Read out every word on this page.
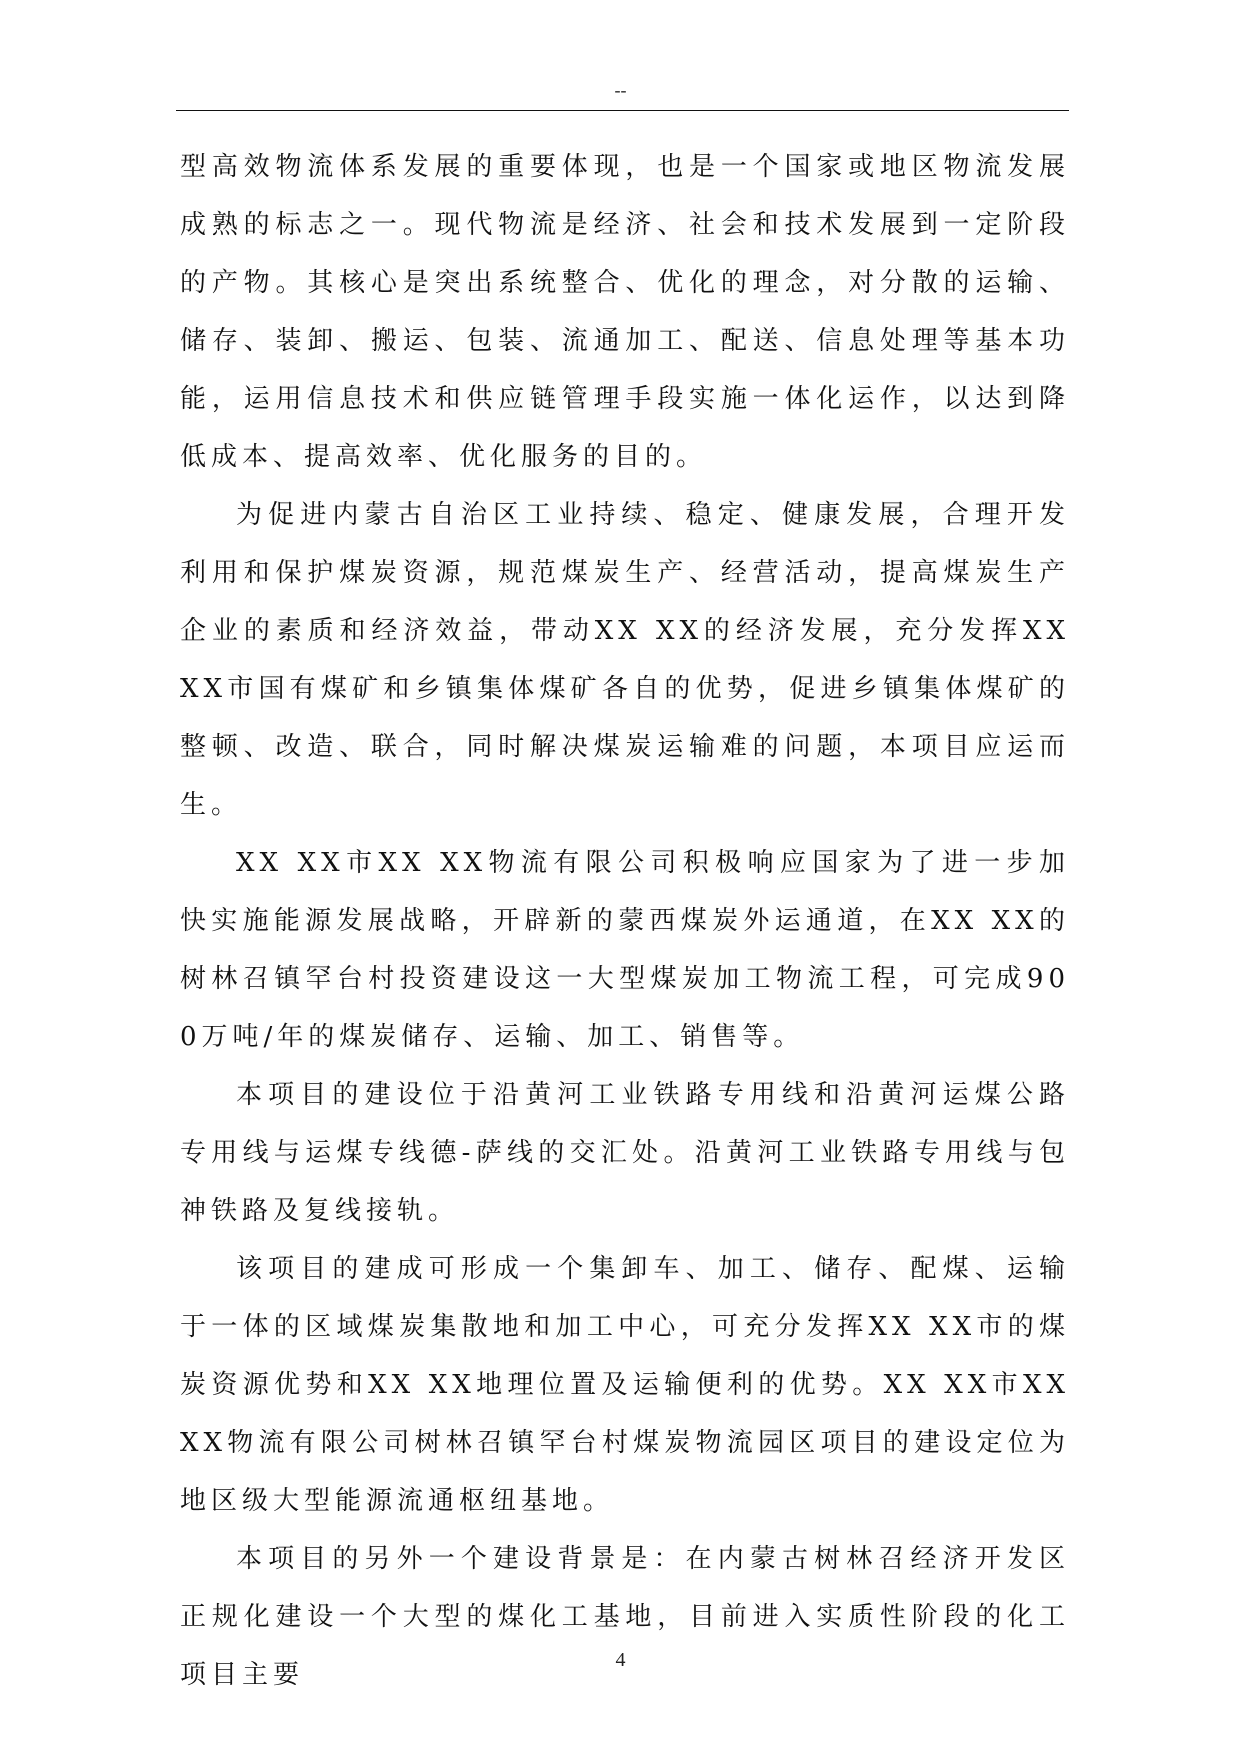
--

型高效物流体系发展的重要体现，也是一个国家或地区物流发展成熟的标志之一。现代物流是经济、社会和技术发展到一定阶段的产物。其核心是突出系统整合、优化的理念，对分散的运输、储存、装卸、搬运、包装、流通加工、配送、信息处理等基本功能，运用信息技术和供应链管理手段实施一体化运作，以达到降低成本、提高效率、优化服务的目的。

为促进内蒙古自治区工业持续、稳定、健康发展，合理开发利用和保护煤炭资源，规范煤炭生产、经营活动，提高煤炭生产企业的素质和经济效益，带动XX XX的经济发展，充分发挥XX XX市国有煤矿和乡镇集体煤矿各自的优势，促进乡镇集体煤矿的整顿、改造、联合，同时解决煤炭运输难的问题，本项目应运而生。

XX XX市XX XX物流有限公司积极响应国家为了进一步加快实施能源发展战略，开辟新的蒙西煤炭外运通道，在XX XX的树林召镇罕台村投资建设这一大型煤炭加工物流工程，可完成900万吨/年的煤炭储存、运输、加工、销售等。

本项目的建设位于沿黄河工业铁路专用线和沿黄河运煤公路专用线与运煤专线德-萨线的交汇处。沿黄河工业铁路专用线与包神铁路及复线接轨。

该项目的建成可形成一个集卸车、加工、储存、配煤、运输于一体的区域煤炭集散地和加工中心，可充分发挥XX XX市的煤炭资源优势和XX XX地理位置及运输便利的优势。XX XX市XX XX物流有限公司树林召镇罕台村煤炭物流园区项目的建设定位为地区级大型能源流通枢纽基地。

本项目的另外一个建设背景是：在内蒙古树林召经济开发区正规化建设一个大型的煤化工基地，目前进入实质性阶段的化工项目主要	4
